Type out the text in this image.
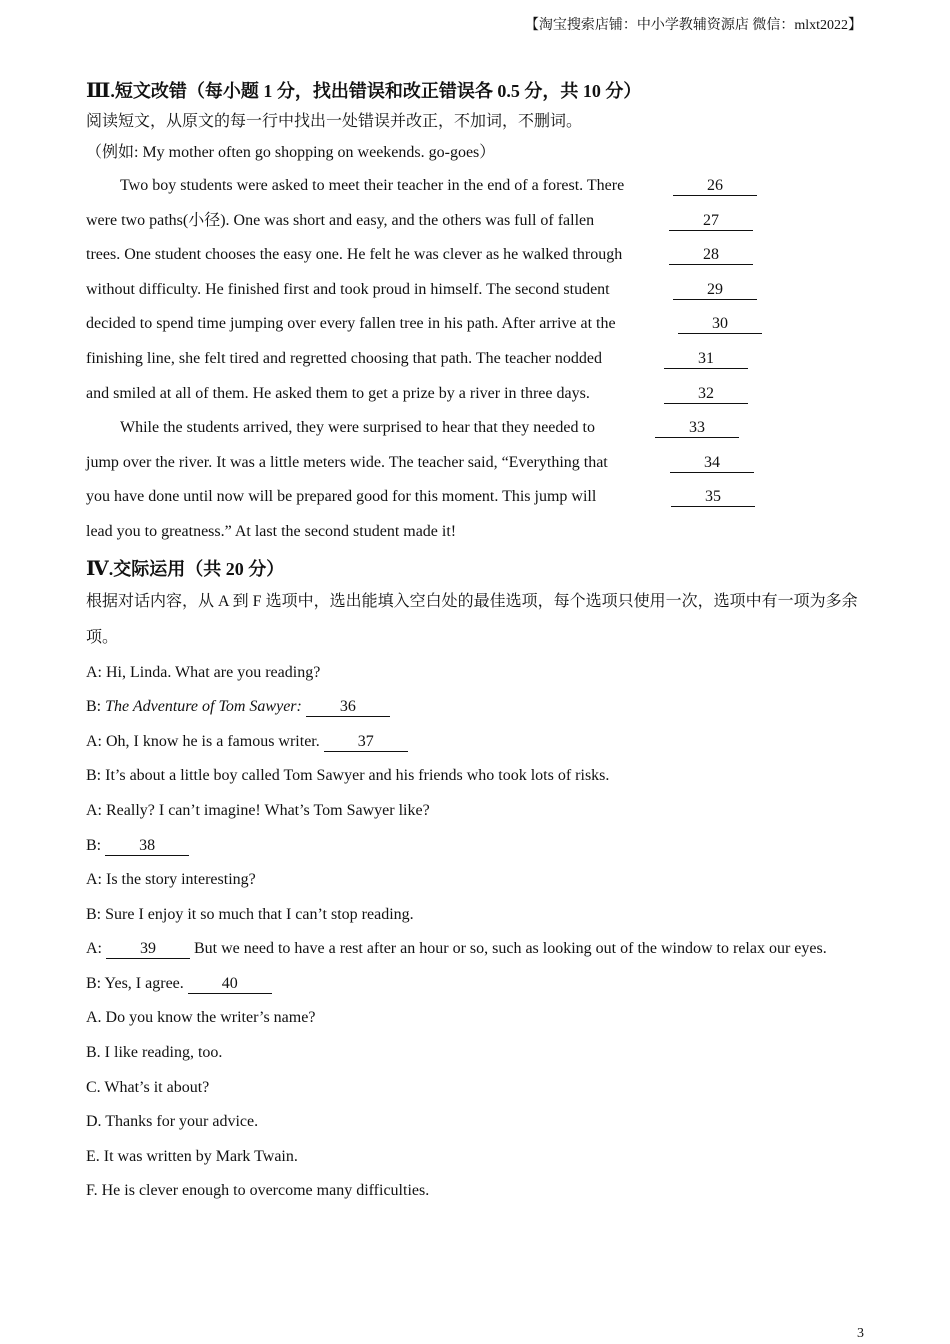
【淘宝搜索店铺：中小学教辅资源店 微信：mlxt2022】
Ⅲ.短文改错（每小题 1 分，找出错误和改正错误各 0.5 分，共 10 分）
阅读短文，从原文的每一行中找出一处错误并改正，不加词，不删词。
（例如: My mother often go shopping on weekends. go-goes）
Two boy students were asked to meet their teacher in the end of a forest. There	26
were two paths(小径). One was short and easy, and the others was full of fallen	27
trees. One student chooses the easy one. He felt he was clever as he walked through	28
without difficulty. He finished first and took proud in himself. The second student	29
decided to spend time jumping over every fallen tree in his path. After arrive at the	30
finishing line, she felt tired and regretted choosing that path. The teacher nodded	31
and smiled at all of them. He asked them to get a prize by a river in three days.	32
While the students arrived, they were surprised to hear that they needed to	33
jump over the river. It was a little meters wide. The teacher said, “Everything that	34
you have done until now will be prepared good for this moment. This jump will	35
lead you to greatness.” At last the second student made it!
Ⅳ.交际运用（共 20 分）
根据对话内容，从 A 到 F 选项中，选出能填入空白处的最佳选项，每个选项只使用一次，选项中有一项为多余项。
A: Hi, Linda. What are you reading?
B: The Adventure of Tom Sawyer: 36
A: Oh, I know he is a famous writer. 37
B: It’s about a little boy called Tom Sawyer and his friends who took lots of risks.
A: Really? I can’t imagine! What’s Tom Sawyer like?
B: 38
A: Is the story interesting?
B: Sure I enjoy it so much that I can’t stop reading.
A: 39 But we need to have a rest after an hour or so, such as looking out of the window to relax our eyes.
B: Yes, I agree. 40
A. Do you know the writer’s name?
B. I like reading, too.
C. What’s it about?
D. Thanks for your advice.
E. It was written by Mark Twain.
F. He is clever enough to overcome many difficulties.
3
